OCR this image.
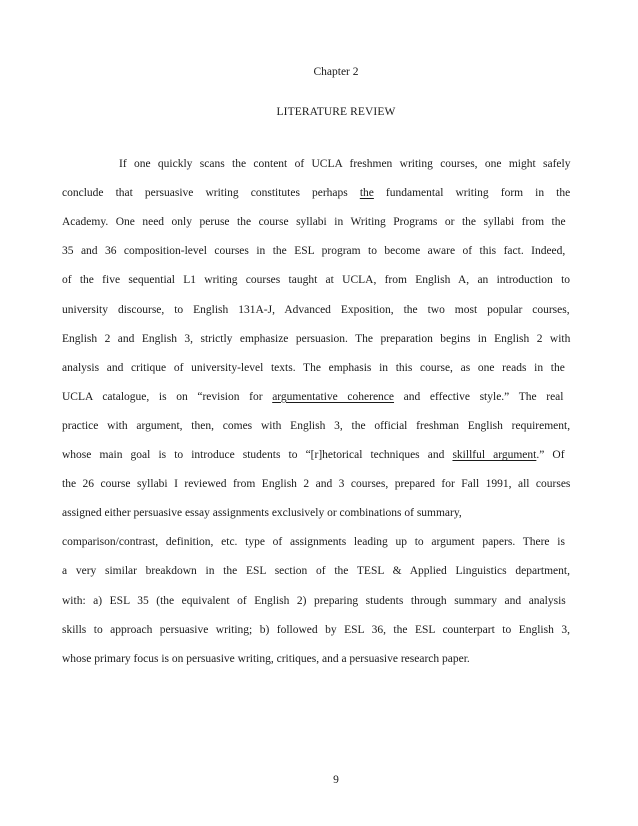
Chapter 2
LITERATURE REVIEW
If one quickly scans the content of UCLA freshmen writing courses, one might safely
conclude that persuasive writing constitutes perhaps the fundamental writing form in the
Academy. One need only peruse the course syllabi in Writing Programs or the syllabi from the
35 and 36 composition-level courses in the ESL program to become aware of this fact. Indeed,
of the five sequential L1 writing courses taught at UCLA, from English A, an introduction to
university discourse, to English 131A-J, Advanced Exposition, the two most popular courses,
English 2 and English 3, strictly emphasize persuasion. The preparation begins in English 2 with
analysis and critique of university-level texts. The emphasis in this course, as one reads in the
UCLA catalogue, is on “revision for argumentative coherence and effective style.” The real
practice with argument, then, comes with English 3, the official freshman English requirement,
whose main goal is to introduce students to “[r]hetorical techniques and skillful argument.” Of
the 26 course syllabi I reviewed from English 2 and 3 courses, prepared for Fall 1991, all courses
assigned either persuasive essay assignments exclusively or combinations of summary,
comparison/contrast, definition, etc. type of assignments leading up to argument papers. There is
a very similar breakdown in the ESL section of the TESL & Applied Linguistics department,
with: a) ESL 35 (the equivalent of English 2) preparing students through summary and analysis
skills to approach persuasive writing; b) followed by ESL 36, the ESL counterpart to English 3,
whose primary focus is on persuasive writing, critiques, and a persuasive research paper.
9
